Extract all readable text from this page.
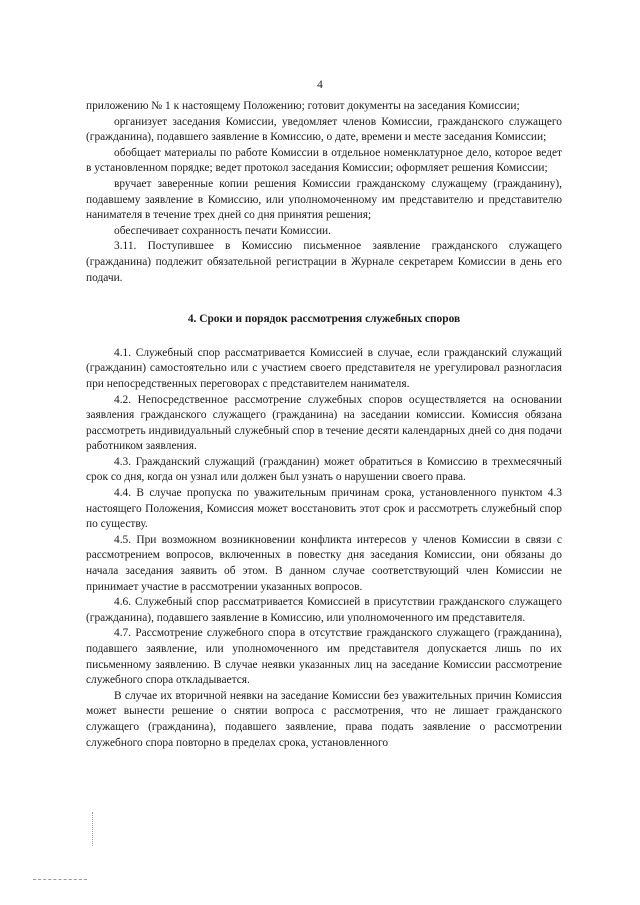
4

приложению № 1 к настоящему Положению; готовит документы на заседания Комиссии;

организует заседания Комиссии, уведомляет членов Комиссии, гражданского служащего (гражданина), подавшего заявление в Комиссию, о дате, времени и месте заседания Комиссии;

обобщает материалы по работе Комиссии в отдельное номенклатурное дело, которое ведет в установленном порядке; ведет протокол заседания Комиссии; оформляет решения Комиссии;

вручает заверенные копии решения Комиссии гражданскому служащему (гражданину), подавшему заявление в Комиссию, или уполномоченному им представителю и представителю нанимателя в течение трех дней со дня принятия решения;

обеспечивает сохранность печати Комиссии.

3.11. Поступившее в Комиссию письменное заявление гражданского служащего (гражданина) подлежит обязательной регистрации в Журнале секретарем Комиссии в день его подачи.

4. Сроки и порядок рассмотрения служебных споров

4.1. Служебный спор рассматривается Комиссией в случае, если гражданский служащий (гражданин) самостоятельно или с участием своего представителя не урегулировал разногласия при непосредственных переговорах с представителем нанимателя.

4.2. Непосредственное рассмотрение служебных споров осуществляется на основании заявления гражданского служащего (гражданина) на заседании комиссии. Комиссия обязана рассмотреть индивидуальный служебный спор в течение десяти календарных дней со дня подачи работником заявления.

4.3. Гражданский служащий (гражданин) может обратиться в Комиссию в трехмесячный срок со дня, когда он узнал или должен был узнать о нарушении своего права.

4.4. В случае пропуска по уважительным причинам срока, установленного пунктом 4.3 настоящего Положения, Комиссия может восстановить этот срок и рассмотреть служебный спор по существу.

4.5. При возможном возникновении конфликта интересов у членов Комиссии в связи с рассмотрением вопросов, включенных в повестку дня заседания Комиссии, они обязаны до начала заседания заявить об этом. В данном случае соответствующий член Комиссии не принимает участие в рассмотрении указанных вопросов.

4.6. Служебный спор рассматривается Комиссией в присутствии гражданского служащего (гражданина), подавшего заявление в Комиссию, или уполномоченного им представителя.

4.7. Рассмотрение служебного спора в отсутствие гражданского служащего (гражданина), подавшего заявление, или уполномоченного им представителя допускается лишь по их письменному заявлению. В случае неявки указанных лиц на заседание Комиссии рассмотрение служебного спора откладывается.

В случае их вторичной неявки на заседание Комиссии без уважительных причин Комиссия может вынести решение о снятии вопроса с рассмотрения, что не лишает гражданского служащего (гражданина), подавшего заявление, права подать заявление о рассмотрении служебного спора повторно в пределах срока, установленного
